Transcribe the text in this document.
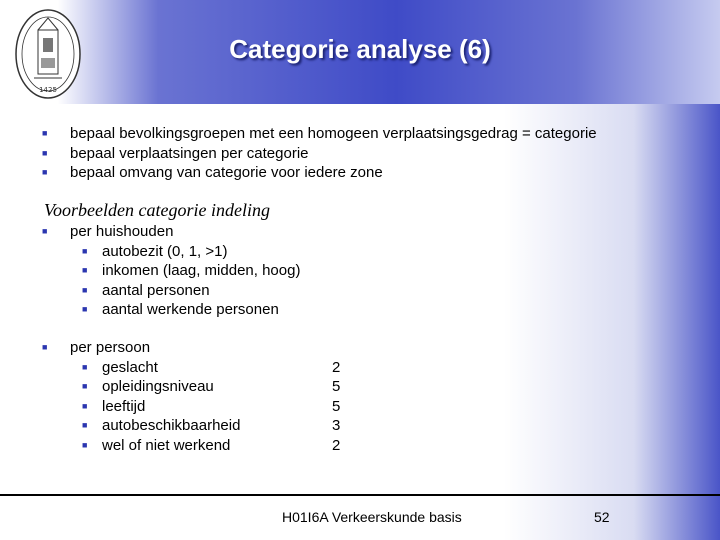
1425
Categorie analyse (6)
■ bepaal bevolkingsgroepen met een homogeen verplaatsingsgedrag = categorie
■ bepaal verplaatsingen per categorie
■ bepaal omvang van categorie voor iedere zone
Voorbeelden categorie indeling
■ per huishouden
■ autobezit (0, 1, >1)
■ inkomen (laag, midden, hoog)
■ aantal personen
■ aantal werkende personen
■ per persoon
■ geslacht	2
■ opleidingsniveau	5
■ leeftijd	5
■ autobeschikbaarheid	3
■ wel of niet werkend	2
H01I6A Verkeerskunde basis	52
